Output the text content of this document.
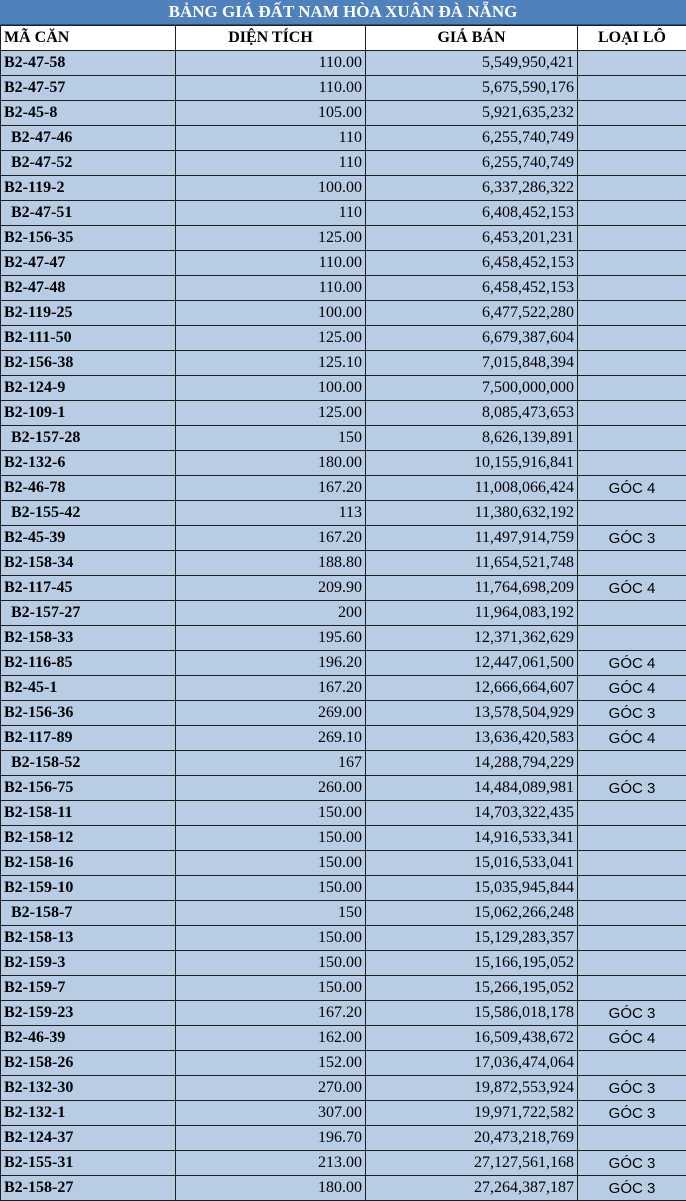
BẢNG GIÁ ĐẤT NAM HÒA XUÂN ĐÀ NẴNG
MÃ CĂN	DIỆN TÍCH	GIÁ BÁN	LOẠI LÔ
B2-47-58	110.00	5,549,950,421	
B2-47-57	110.00	5,675,590,176	
B2-45-8	105.00	5,921,635,232	
B2-47-46	110	6,255,740,749	
B2-47-52	110	6,255,740,749	
B2-119-2	100.00	6,337,286,322	
B2-47-51	110	6,408,452,153	
B2-156-35	125.00	6,453,201,231	
B2-47-47	110.00	6,458,452,153	
B2-47-48	110.00	6,458,452,153	
B2-119-25	100.00	6,477,522,280	
B2-111-50	125.00	6,679,387,604	
B2-156-38	125.10	7,015,848,394	
B2-124-9	100.00	7,500,000,000	
B2-109-1	125.00	8,085,473,653	
B2-157-28	150	8,626,139,891	
B2-132-6	180.00	10,155,916,841	
B2-46-78	167.20	11,008,066,424	GÓC 4
B2-155-42	113	11,380,632,192	
B2-45-39	167.20	11,497,914,759	GÓC 3
B2-158-34	188.80	11,654,521,748	
B2-117-45	209.90	11,764,698,209	GÓC 4
B2-157-27	200	11,964,083,192	
B2-158-33	195.60	12,371,362,629	
B2-116-85	196.20	12,447,061,500	GÓC 4
B2-45-1	167.20	12,666,664,607	GÓC 4
B2-156-36	269.00	13,578,504,929	GÓC 3
B2-117-89	269.10	13,636,420,583	GÓC 4
B2-158-52	167	14,288,794,229	
B2-156-75	260.00	14,484,089,981	GÓC 3
B2-158-11	150.00	14,703,322,435	
B2-158-12	150.00	14,916,533,341	
B2-158-16	150.00	15,016,533,041	
B2-159-10	150.00	15,035,945,844	
B2-158-7	150	15,062,266,248	
B2-158-13	150.00	15,129,283,357	
B2-159-3	150.00	15,166,195,052	
B2-159-7	150.00	15,266,195,052	
B2-159-23	167.20	15,586,018,178	GÓC 3
B2-46-39	162.00	16,509,438,672	GÓC 4
B2-158-26	152.00	17,036,474,064	
B2-132-30	270.00	19,872,553,924	GÓC 3
B2-132-1	307.00	19,971,722,582	GÓC 3
B2-124-37	196.70	20,473,218,769	
B2-155-31	213.00	27,127,561,168	GÓC 3
B2-158-27	180.00	27,264,387,187	GÓC 3
